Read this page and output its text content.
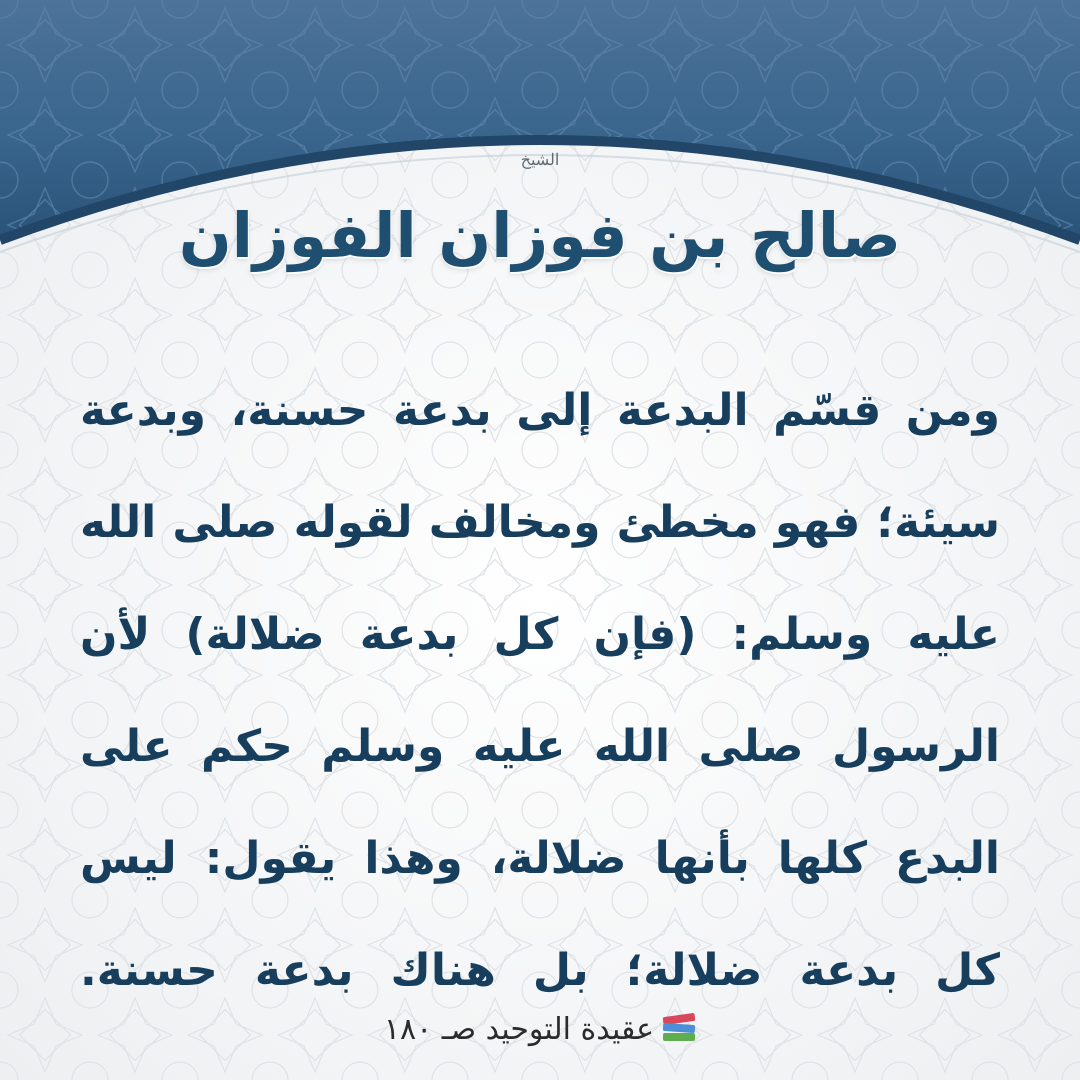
الشيخ
صالح بن فوزان الفوزان
ومن قسّم البدعة إلى بدعة حسنة، وبدعة
سيئة؛ فهو مخطئ ومخالف لقوله صلى الله
عليه وسلم: (فإن كل بدعة ضلالة) لأن
الرسول صلى الله عليه وسلم حكم على
البدع كلها بأنها ضلالة، وهذا يقول: ليس
كل بدعة ضلالة؛ بل هناك بدعة حسنة.
عقيدة التوحيد صـ ١٨٠
